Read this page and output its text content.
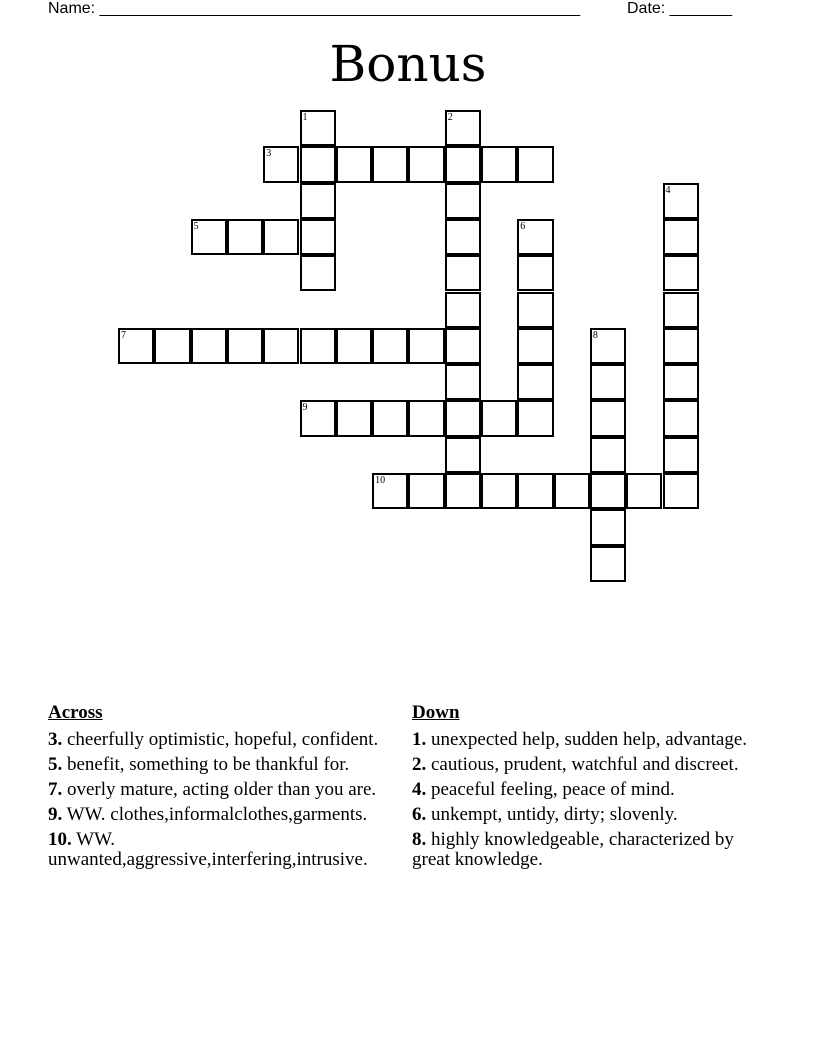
Name: ______________________________________________________	Date: _______
Bonus
1	2
3
4
5	6
7	8
9
10
Across
3. cheerfully optimistic, hopeful, confident.
5. benefit, something to be thankful for.
7. overly mature, acting older than you are.
9. WW. clothes,informalclothes,garments.
10. WW.
unwanted,aggressive,interfering,intrusive.
Down
1. unexpected help, sudden help, advantage.
2. cautious, prudent, watchful and discreet.
4. peaceful feeling, peace of mind.
6. unkempt, untidy, dirty; slovenly.
8. highly knowledgeable, characterized by great knowledge.
